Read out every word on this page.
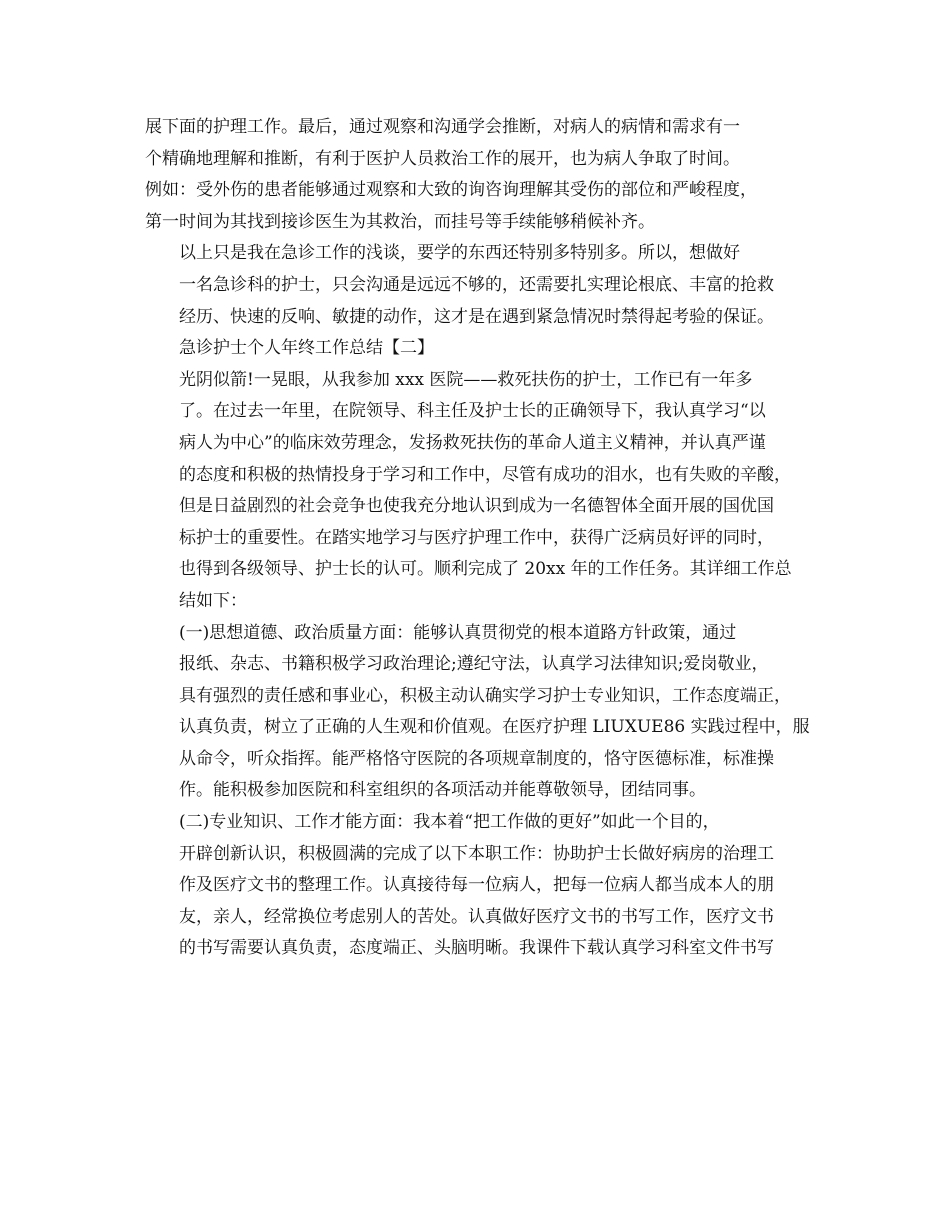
展下面的护理工作。最后，通过观察和沟通学会推断，对病人的病情和需求有一
个精确地理解和推断，有利于医护人员救治工作的展开，也为病人争取了时间。
例如：受外伤的患者能够通过观察和大致的询咨询理解其受伤的部位和严峻程度，
第一时间为其找到接诊医生为其救治，而挂号等手续能够稍候补齐。

以上只是我在急诊工作的浅谈，要学的东西还特别多特别多。所以，想做好
一名急诊科的护士，只会沟通是远远不够的，还需要扎实理论根底、丰富的抢救
经历、快速的反响、敏捷的动作，这才是在遇到紧急情况时禁得起考验的保证。

急诊护士个人年终工作总结【二】

光阴似箭!一晃眼，从我参加 xxx 医院——救死扶伤的护士，工作已有一年多
了。在过去一年里，在院领导、科主任及护士长的正确领导下，我认真学习“以
病人为中心”的临床效劳理念，发扬救死扶伤的革命人道主义精神，并认真严谨
的态度和积极的热情投身于学习和工作中，尽管有成功的泪水，也有失败的辛酸，
但是日益剧烈的社会竞争也使我充分地认识到成为一名德智体全面开展的国优国
标护士的重要性。在踏实地学习与医疗护理工作中，获得广泛病员好评的同时，
也得到各级领导、护士长的认可。顺利完成了 20xx 年的工作任务。其详细工作总
结如下：

(一)思想道德、政治质量方面：能够认真贯彻党的根本道路方针政策，通过
报纸、杂志、书籍积极学习政治理论;遵纪守法，认真学习法律知识;爱岗敬业，
具有强烈的责任感和事业心，积极主动认确实学习护士专业知识，工作态度端正，
认真负责，树立了正确的人生观和价值观。在医疗护理 LIUXUE86 实践过程中，服
从命令，听众指挥。能严格恪守医院的各项规章制度的，恪守医德标准，标准操
作。能积极参加医院和科室组织的各项活动并能尊敬领导，团结同事。

(二)专业知识、工作才能方面：我本着“把工作做的更好”如此一个目的，
开辟创新认识，积极圆满的完成了以下本职工作：协助护士长做好病房的治理工
作及医疗文书的整理工作。认真接待每一位病人，把每一位病人都当成本人的朋
友，亲人，经常换位考虑别人的苦处。认真做好医疗文书的书写工作，医疗文书
的书写需要认真负责，态度端正、头脑明晰。我课件下载认真学习科室文件书写
